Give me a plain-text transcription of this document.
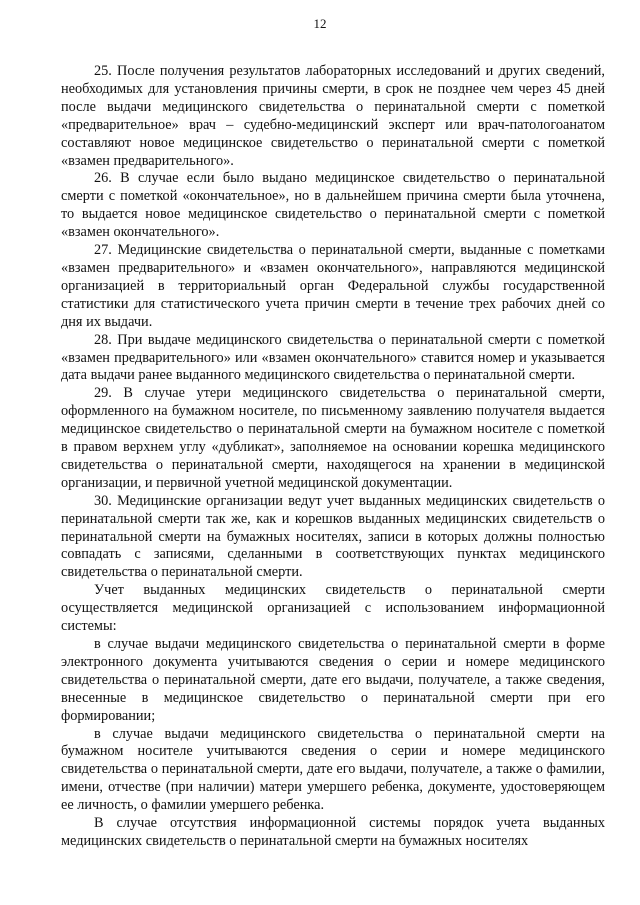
12

25. После получения результатов лабораторных исследований и других сведений, необходимых для установления причины смерти, в срок не позднее чем через 45 дней после выдачи медицинского свидетельства о перинатальной смерти с пометкой «предварительное» врач – судебно-медицинский эксперт или врач-патологоанатом составляют новое медицинское свидетельство о перинатальной смерти с пометкой «взамен предварительного».

26. В случае если было выдано медицинское свидетельство о перинатальной смерти с пометкой «окончательное», но в дальнейшем причина смерти была уточнена, то выдается новое медицинское свидетельство о перинатальной смерти с пометкой «взамен окончательного».

27. Медицинские свидетельства о перинатальной смерти, выданные с пометками «взамен предварительного» и «взамен окончательного», направляются медицинской организацией в территориальный орган Федеральной службы государственной статистики для статистического учета причин смерти в течение трех рабочих дней со дня их выдачи.

28. При выдаче медицинского свидетельства о перинатальной смерти с пометкой «взамен предварительного» или «взамен окончательного» ставится номер и указывается дата выдачи ранее выданного медицинского свидетельства о перинатальной смерти.

29. В случае утери медицинского свидетельства о перинатальной смерти, оформленного на бумажном носителе, по письменному заявлению получателя выдается медицинское свидетельство о перинатальной смерти на бумажном носителе с пометкой в правом верхнем углу «дубликат», заполняемое на основании корешка медицинского свидетельства о перинатальной смерти, находящегося на хранении в медицинской организации, и первичной учетной медицинской документации.

30. Медицинские организации ведут учет выданных медицинских свидетельств о перинатальной смерти так же, как и корешков выданных медицинских свидетельств о перинатальной смерти на бумажных носителях, записи в которых должны полностью совпадать с записями, сделанными в соответствующих пунктах медицинского свидетельства о перинатальной смерти.

Учет выданных медицинских свидетельств о перинатальной смерти осуществляется медицинской организацией с использованием информационной системы:

в случае выдачи медицинского свидетельства о перинатальной смерти в форме электронного документа учитываются сведения о серии и номере медицинского свидетельства о перинатальной смерти, дате его выдачи, получателе, а также сведения, внесенные в медицинское свидетельство о перинатальной смерти при его формировании;

в случае выдачи медицинского свидетельства о перинатальной смерти на бумажном носителе учитываются сведения о серии и номере медицинского свидетельства о перинатальной смерти, дате его выдачи, получателе, а также о фамилии, имени, отчестве (при наличии) матери умершего ребенка, документе, удостоверяющем ее личность, о фамилии умершего ребенка.

В случае отсутствия информационной системы порядок учета выданных медицинских свидетельств о перинатальной смерти на бумажных носителях
